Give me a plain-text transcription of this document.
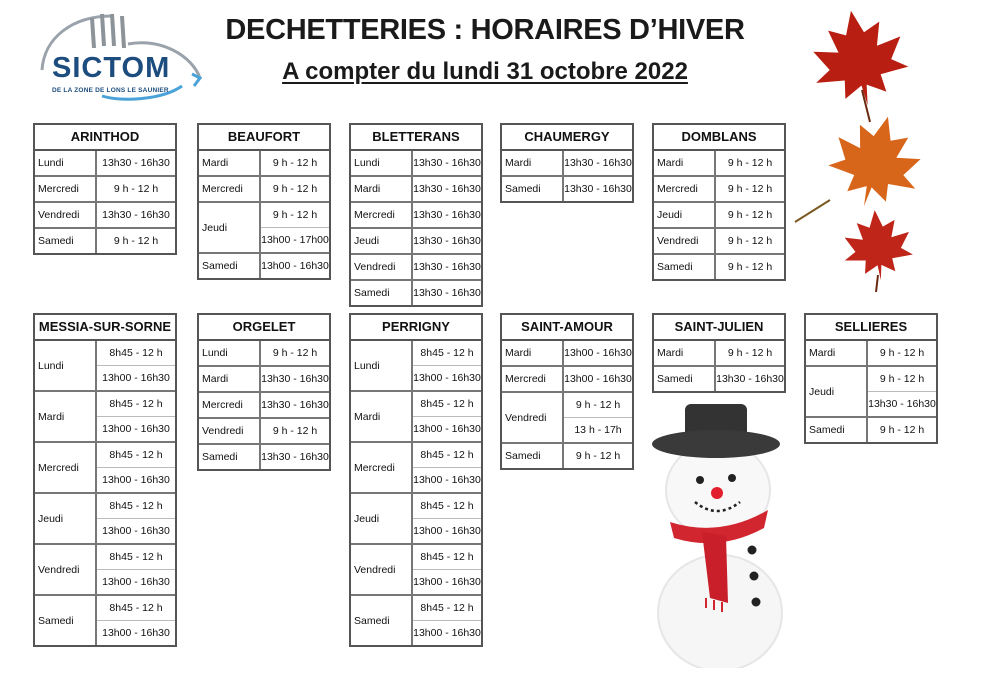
DECHETTERIES : HORAIRES D’HIVER
A compter du lundi 31 octobre 2022
SICTOM
DE LA ZONE DE LONS LE SAUNIER
ARINTHOD
Lundi	13h30 - 16h30
Mercredi	9 h - 12 h
Vendredi	13h30 - 16h30
Samedi	9 h - 12 h
BEAUFORT
Mardi	9 h - 12 h
Mercredi	9 h - 12 h
Jeudi
9 h - 12 h
13h00 - 17h00
Samedi	13h00 - 16h30
BLETTERANS
Lundi	13h30 - 16h30
Mardi	13h30 - 16h30
Mercredi	13h30 - 16h30
Jeudi	13h30 - 16h30
Vendredi	13h30 - 16h30
Samedi	13h30 - 16h30
CHAUMERGY
Mardi	13h30 - 16h30
Samedi	13h30 - 16h30
DOMBLANS
Mardi	9 h - 12 h
Mercredi	9 h - 12 h
Jeudi	9 h - 12 h
Vendredi	9 h - 12 h
Samedi	9 h - 12 h
MESSIA-SUR-SORNE
Lundi
8h45 - 12 h
13h00 - 16h30
Mardi
8h45 - 12 h
13h00 - 16h30
Mercredi
8h45 - 12 h
13h00 - 16h30
Jeudi
8h45 - 12 h
13h00 - 16h30
Vendredi
8h45 - 12 h
13h00 - 16h30
Samedi
8h45 - 12 h
13h00 - 16h30
ORGELET
Lundi	9 h - 12 h
Mardi	13h30 - 16h30
Mercredi	13h30 - 16h30
Vendredi	9 h - 12 h
Samedi	13h30 - 16h30
PERRIGNY
Lundi
8h45 - 12 h
13h00 - 16h30
Mardi
8h45 - 12 h
13h00 - 16h30
Mercredi
8h45 - 12 h
13h00 - 16h30
Jeudi
8h45 - 12 h
13h00 - 16h30
Vendredi
8h45 - 12 h
13h00 - 16h30
Samedi
8h45 - 12 h
13h00 - 16h30
SAINT-AMOUR
Mardi	13h00 - 16h30
Mercredi	13h00 - 16h30
Vendredi
9 h - 12 h
13 h - 17h
Samedi	9 h - 12 h
SAINT-JULIEN
Mardi	9 h - 12 h
Samedi	13h30 - 16h30
SELLIERES
Mardi	9 h - 12 h
Jeudi
9 h - 12 h
13h30 - 16h30
Samedi	9 h - 12 h
